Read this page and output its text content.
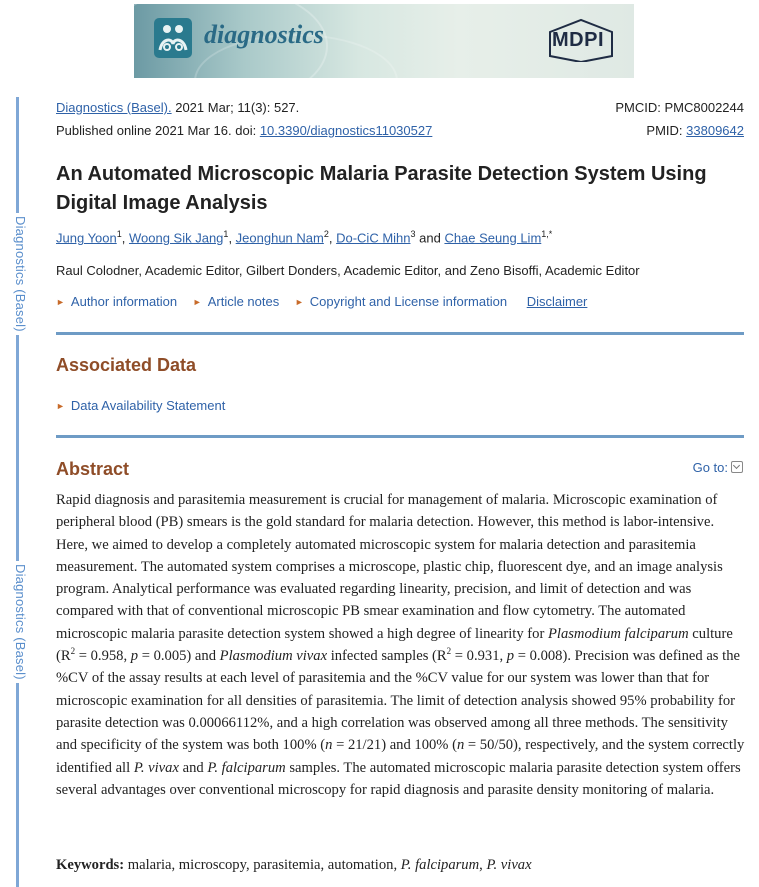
diagnostics	MDPI
Diagnostics (Basel)
Diagnostics (Basel)
Diagnostics (Basel). 2021 Mar; 11(3): 527.	PMCID: PMC8002244
Published online 2021 Mar 16. doi: 10.3390/diagnostics11030527	PMID: 33809642
An Automated Microscopic Malaria Parasite Detection System Using Digital Image Analysis
Jung Yoon$^1$, Woong Sik Jang$^1$, Jeonghun Nam$^2$, Do-CiC Mihn$^3$ and Chae Seung Lim$^{1,*}$
Raul Colodner, Academic Editor, Gilbert Donders, Academic Editor, and Zeno Bisoffi, Academic Editor
► Author information ► Article notes ► Copyright and License information Disclaimer
Associated Data
► Data Availability Statement
Abstract	Go to:
Rapid diagnosis and parasitemia measurement is crucial for management of malaria. Microscopic examination of peripheral blood (PB) smears is the gold standard for malaria detection. However, this method is labor-intensive. Here, we aimed to develop a completely automated microscopic system for malaria detection and parasitemia measurement. The automated system comprises a microscope, plastic chip, fluorescent dye, and an image analysis program. Analytical performance was evaluated regarding linearity, precision, and limit of detection and was compared with that of conventional microscopic PB smear examination and flow cytometry. The automated microscopic malaria parasite detection system showed a high degree of linearity for Plasmodium falciparum culture ($R^2 = 0.958$, p = 0.005) and Plasmodium vivax infected samples ($R^2 = 0.931$, p = 0.008). Precision was defined as the %CV of the assay results at each level of parasitemia and the %CV value for our system was lower than that for microscopic examination for all densities of parasitemia. The limit of detection analysis showed 95% probability for parasite detection was 0.00066112%, and a high correlation was observed among all three methods. The sensitivity and specificity of the system was both 100% (n = 21/21) and 100% (n = 50/50), respectively, and the system correctly identified all P. vivax and P. falciparum samples. The automated microscopic malaria parasite detection system offers several advantages over conventional microscopy for rapid diagnosis and parasite density monitoring of malaria.
Keywords: malaria, microscopy, parasitemia, automation, P. falciparum, P. vivax
